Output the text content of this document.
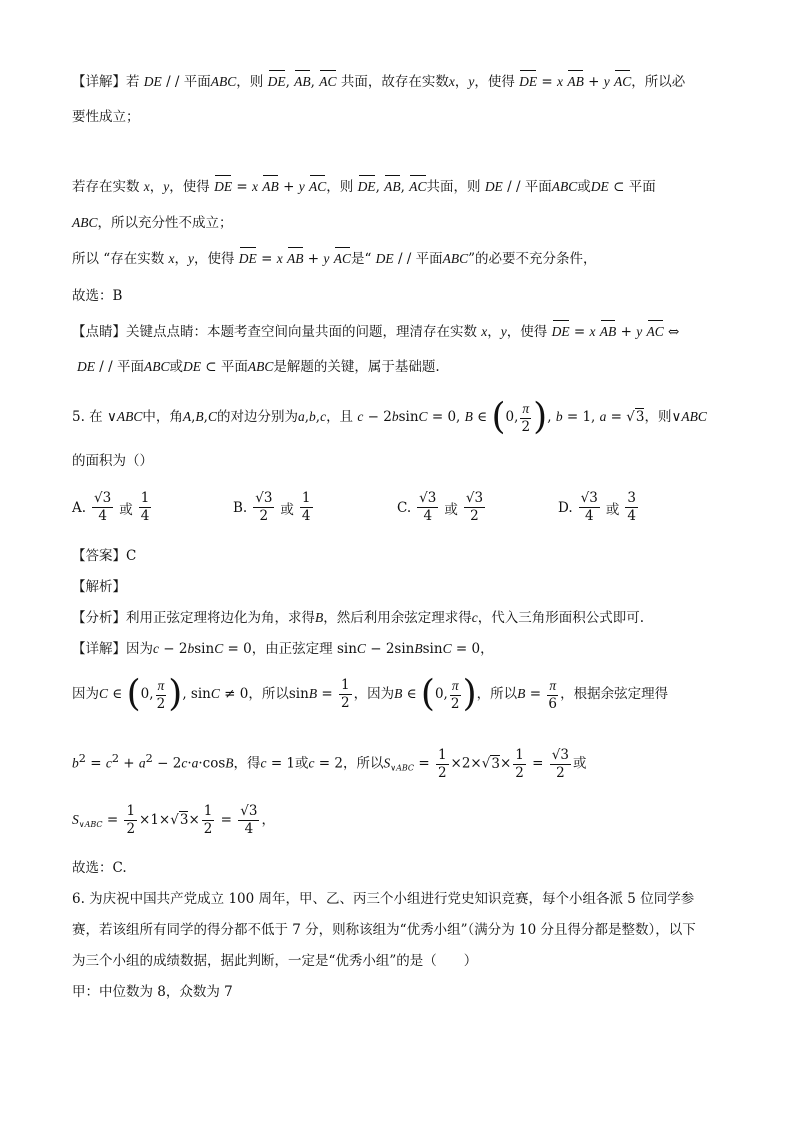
【详解】若 DE / / 平面ABC，则 DE, AB, AC 共面，故存在实数x，y，使得 DE = x AB + y AC，所以必
要性成立；
若存在实数 x，y，使得 DE = x AB + y AC，则 DE, AB, AC共面，则 DE / / 平面ABC或DE ⊂ 平面
ABC，所以充分性不成立；
所以 “存在实数 x，y，使得 DE = x AB + y AC是“ DE / / 平面ABC”的必要不充分条件，
故选：B
【点睛】关键点点睛：本题考查空间向量共面的问题，理清存在实数 x，y，使得 DE = x AB + y AC ⇔
DE / / 平面ABC或DE ⊂ 平面ABC是解题的关键，属于基础题.
5. 在 ∨ABC中，角A,B,C的对边分别为a,b,c，且 c − 2bsinC = 0, B ∈ (0, $\frac{\pi}{2}$ ), b = 1, a = √3，则∨ABC
的面积为（）
A. $\frac{√3}{4}$ 或 $\frac{1}{4}$	B. $\frac{√3}{2}$ 或 $\frac{1}{4}$	C. $\frac{√3}{4}$ 或 $\frac{√3}{2}$	D. $\frac{√3}{4}$ 或 $\frac{3}{4}$
【答案】C
【解析】
【分析】利用正弦定理将边化为角，求得B，然后利用余弦定理求得c，代入三角形面积公式即可.
【详解】因为c − 2bsinC = 0，由正弦定理 sinC − 2sinBsinC = 0，
因为C ∈ (0, $\frac{\pi}{2}$ ), sinC ≠ 0，所以$\sin B = \frac{1}{2}$ ，因为B ∈ (0, $\frac{\pi}{2}$ )，所以$B = \frac{\pi}{6}$ ，根据余弦定理得
$b^2 = c^2 + a^2 - 2c\cdot a\cdot\cos B$，得c = 1或c = 2，所以$S_{\vee ABC} = \frac{1}{2} \times 2\times√3\times \frac{1}{2} = \frac{√3}{2}$ 或
$S_{\vee ABC} = \frac{1}{2} \times 1\times√3\times \frac{1}{2} = \frac{√3}{4}$ ，
故选：C.
6. 为庆祝中国共产党成立 100 周年，甲、乙、丙三个小组进行党史知识竞赛，每个小组各派 5 位同学参
赛，若该组所有同学的得分都不低于 7 分，则称该组为“优秀小组”（满分为 10 分且得分都是整数），以下
为三个小组的成绩数据，据此判断，一定是“优秀小组”的是（　　）
甲：中位数为 8，众数为 7
